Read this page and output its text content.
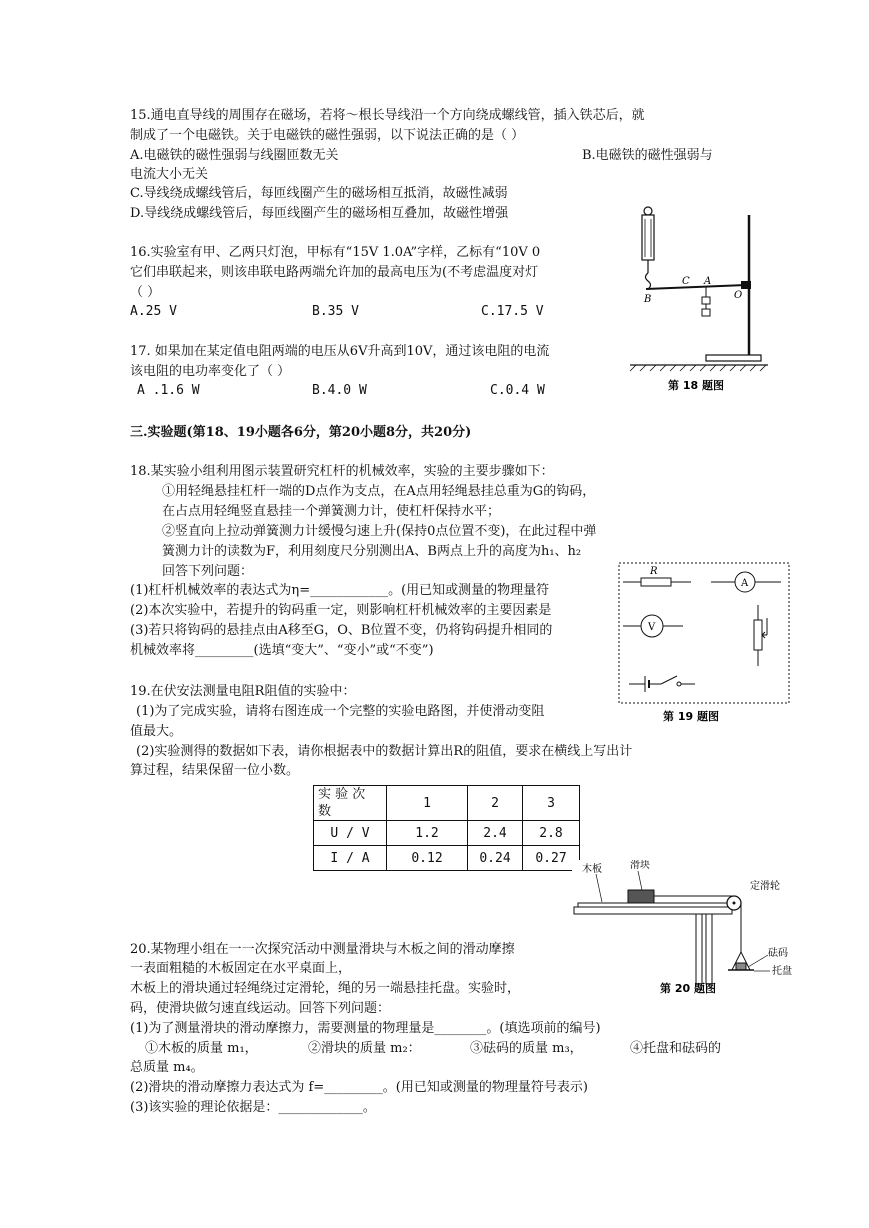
15.通电直导线的周围存在磁场，若将～根长导线沿一个方向绕成螺线管，插入铁芯后，就
制成了一个电磁铁。关于电磁铁的磁性强弱，以下说法正确的是（ ）
A.电磁铁的磁性强弱与线圈匝数无关	B.电磁铁的磁性强弱与
电流大小无关
C.导线绕成螺线管后，每匝线圈产生的磁场相互抵消，故磁性减弱
D.导线绕成螺线管后，每匝线圈产生的磁场相互叠加，故磁性增强
16.实验室有甲、乙两只灯泡，甲标有“15V 1.0A”字样，乙标有“10V 0
它们串联起来，则该串联电路两端允许加的最高电压为(不考虑温度对灯
（ ）
A.25 V	B.35 V	C.17.5 V
17. 如果加在某定值电阻两端的电压从6V升高到10V，通过该电阻的电流
该电阻的电功率变化了（ ）
A .1.6 W	B.4.0 W	C.0.4 W
C A
O
B
第 18 题图
三.实验题(第18、19小题各6分，第20小题8分，共20分)
18.某实验小组利用图示装置研究杠杆的机械效率，实验的主要步骤如下：
①用轻绳悬挂杠杆一端的D点作为支点，在A点用轻绳悬挂总重为G的钩码，
在占点用轻绳竖直悬挂一个弹簧测力计，使杠杆保持水平；
②竖直向上拉动弹簧测力计缓慢匀速上升(保持0点位置不变)，在此过程中弹
簧测力计的读数为F，利用刻度尺分别测出A、B两点上升的高度为h₁、h₂
回答下列问题：
(1)杠杆机械效率的表达式为η=____________。(用已知或测量的物理量符
(2)本次实验中，若提升的钩码重一定，则影响杠杆机械效率的主要因素是
(3)若只将钩码的悬挂点由A移至G，O、B位置不变，仍将钩码提升相同的
机械效率将_________(选填“变大”、“变小”或“不变”)
R
A
V
第 19 题图
19.在伏安法测量电阻R阻值的实验中：
(1)为了完成实验，请将右图连成一个完整的实验电路图，并使滑动变阻
值最大。
(2)实验测得的数据如下表，请你根据表中的数据计算出R的阻值，要求在横线上写出计
算过程，结果保留一位小数。
实 验 次
数	1	2	3
U / V	1.2	2.4	2.8
I / A	0.12	0.24	0.27
木板	滑块
定滑轮
砝码
托盘
第 20 题图
20.某物理小组在一一次探究活动中测量滑块与木板之间的滑动摩擦
一表面粗糙的木板固定在水平桌面上，
木板上的滑块通过轻绳绕过定滑轮，绳的另一端悬挂托盘。实验时，
码，使滑块做匀速直线运动。回答下列问题：
(1)为了测量滑块的滑动摩擦力，需要测量的物理量是________。(填选项前的编号)
①木板的质量 m₁，	②滑块的质量 m₂：	③砝码的质量 m₃，	④托盘和砝码的
总质量 m₄。
(2)滑块的滑动摩擦力表达式为 f=_________。(用已知或测量的物理量符号表示)
(3)该实验的理论依据是：_____________。
